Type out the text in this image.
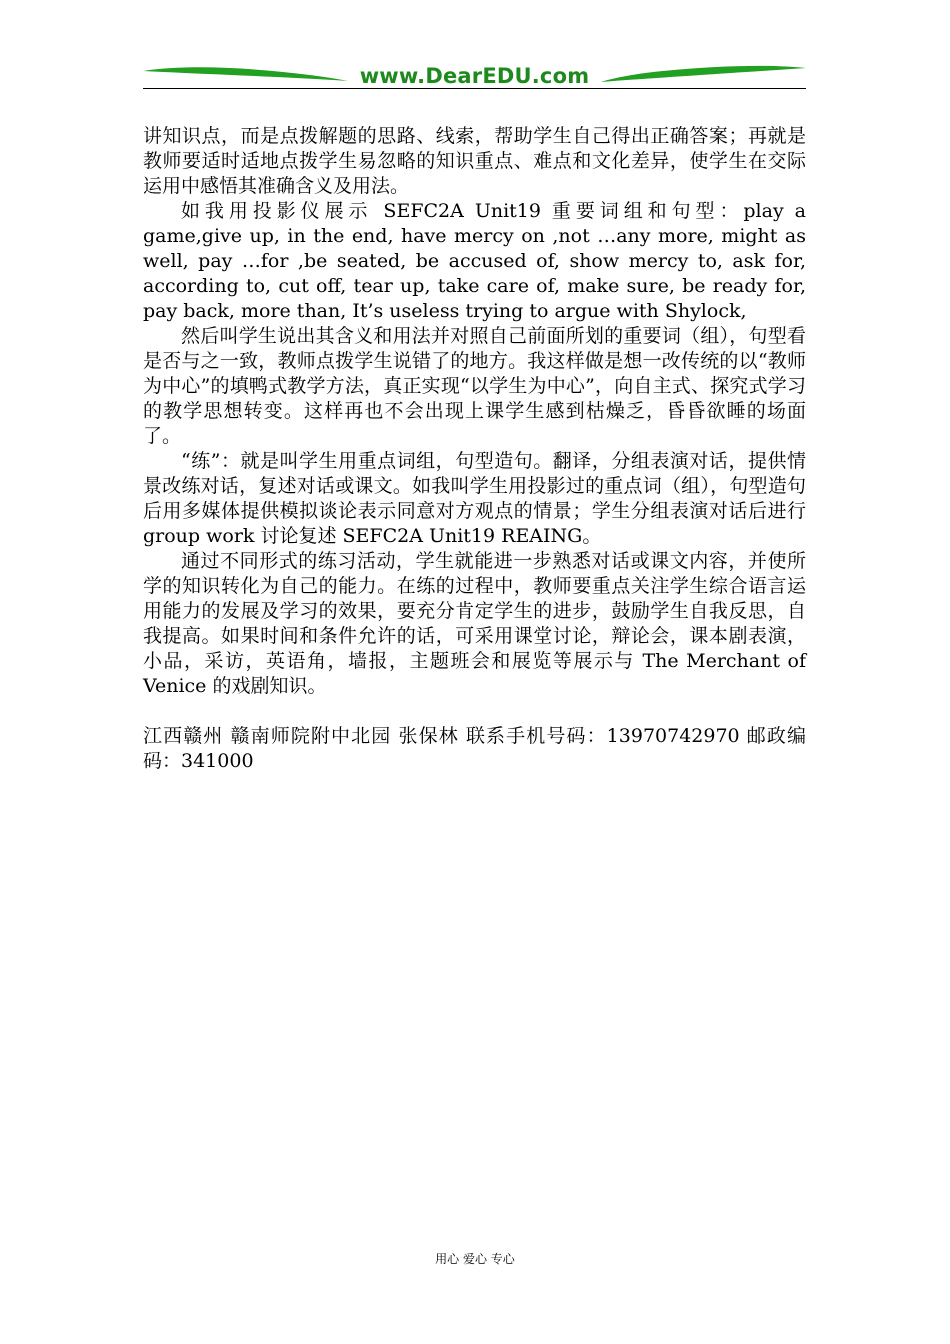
www.DearEDU.com

讲知识点，而是点拨解题的思路、线索，帮助学生自己得出正确答案；再就是教师要适时适地点拨学生易忽略的知识重点、难点和文化差异，使学生在交际运用中感悟其准确含义及用法。

如我用投影仪展示 SEFC2A Unit19 重要词组和句型：play a game,give up, in the end, have mercy on ,not …any more, might as well, pay …for ,be seated, be accused of, show mercy to, ask for, according to, cut off, tear up, take care of, make sure, be ready for, pay back, more than, It’s useless trying to argue with Shylock,

然后叫学生说出其含义和用法并对照自己前面所划的重要词（组），句型看是否与之一致，教师点拨学生说错了的地方。我这样做是想一改传统的以“教师为中心”的填鸭式教学方法，真正实现“以学生为中心”，向自主式、探究式学习的教学思想转变。这样再也不会出现上课学生感到枯燥乏，昏昏欲睡的场面了。

“练”：就是叫学生用重点词组，句型造句。翻译，分组表演对话，提供情景改练对话，复述对话或课文。如我叫学生用投影过的重点词（组），句型造句后用多媒体提供模拟谈论表示同意对方观点的情景；学生分组表演对话后进行 group work 讨论复述 SEFC2A Unit19 REAING。

通过不同形式的练习活动，学生就能进一步熟悉对话或课文内容，并使所学的知识转化为自己的能力。在练的过程中，教师要重点关注学生综合语言运用能力的发展及学习的效果，要充分肯定学生的进步，鼓励学生自我反思，自我提高。如果时间和条件允许的话，可采用课堂讨论，辩论会，课本剧表演，小品，采访，英语角，墙报，主题班会和展览等展示与 The Merchant of Venice 的戏剧知识。

江西赣州 赣南师院附中北园 张保林 联系手机号码：13970742970 邮政编码：341000

用心 爱心 专心
